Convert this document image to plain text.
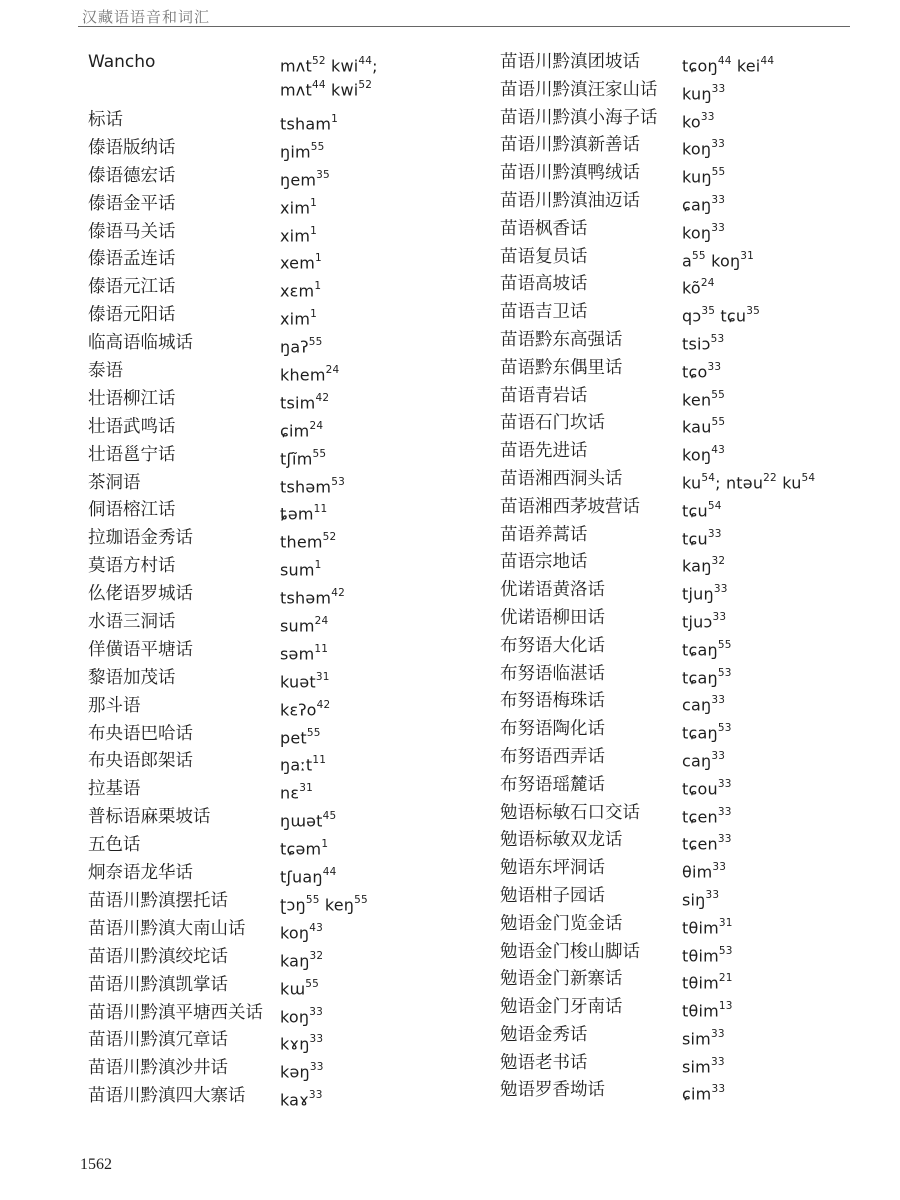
汉藏语语音和词汇
Wancho	mʌt$^{52}$ kwi$^{44}$;
mʌt$^{44}$ kwi$^{52}$
标话	tsham$^1$
傣语版纳话	ŋim$^{55}$
傣语德宏话	ŋem$^{35}$
傣语金平话	xim$^1$
傣语马关话	xim$^1$
傣语孟连话	xem$^1$
傣语元江话	xɛm$^1$
傣语元阳话	xim$^1$
临高语临城话	ŋaʔ$^{55}$
泰语	khem$^{24}$
壮语柳江话	tsim$^{42}$
壮语武鸣话	ɕim$^{24}$
壮语邕宁话	tʃĩm$^{55}$
茶洞语	tshəm$^{53}$
侗语榕江话	ȶəm$^{11}$
拉珈语金秀话	them$^{52}$
莫语方村话	sum$^1$
仫佬语罗城话	tshəm$^{42}$
水语三洞话	sum$^{24}$
佯僙语平塘话	səm$^{11}$
黎语加茂话	kuət$^{31}$
那斗语	kɛʔo$^{42}$
布央语巴哈话	pet$^{55}$
布央语郎架话	ŋaːt$^{11}$
拉基语	nɛ$^{31}$
普标语麻栗坡话	ŋɯət$^{45}$
五色话	tɕəm$^1$
炯奈语龙华话	tʃuaŋ$^{44}$
苗语川黔滇摆托话	ʈɔŋ$^{55}$ keŋ$^{55}$
苗语川黔滇大南山话	koŋ$^{43}$
苗语川黔滇绞坨话	kaŋ$^{32}$
苗语川黔滇凯掌话	kɯ$^{55}$
苗语川黔滇平塘西关话	koŋ$^{33}$
苗语川黔滇冗章话	kɤŋ$^{33}$
苗语川黔滇沙井话	kəŋ$^{33}$
苗语川黔滇四大寨话	kaɤ$^{33}$
苗语川黔滇团坡话	tɕoŋ$^{44}$ kei$^{44}$
苗语川黔滇汪家山话	kuŋ$^{33}$
苗语川黔滇小海子话	$ko^{33}$
苗语川黔滇新善话	koŋ$^{33}$
苗语川黔滇鸭绒话	kuŋ$^{55}$
苗语川黔滇油迈话	ɕaŋ$^{33}$
苗语枫香话	koŋ$^{33}$
苗语复员话	$a^{55}$ koŋ$^{31}$
苗语高坡话	$kõ^{24}$
苗语吉卫话	qɔ$^{35}$ tɕu$^{35}$
苗语黔东高强话	tsiɔ$^{53}$
苗语黔东偶里话	tɕo$^{33}$
苗语青岩话	ken$^{55}$
苗语石门坎话	kau$^{55}$
苗语先进话	koŋ$^{43}$
苗语湘西洞头话	$ku^{54}$; ntəu$^{22}$ $ku^{54}$
苗语湘西茅坡营话	tɕu$^{54}$
苗语养蒿话	tɕu$^{33}$
苗语宗地话	kaŋ$^{32}$
优诺语黄洛话	tjuŋ$^{33}$
优诺语柳田话	tjuɔ$^{33}$
布努语大化话	tɕaŋ$^{55}$
布努语临湛话	tɕaŋ$^{53}$
布努语梅珠话	caŋ$^{33}$
布努语陶化话	tɕaŋ$^{53}$
布努语西弄话	caŋ$^{33}$
布努语瑶麓话	tɕou$^{33}$
勉语标敏石口交话	tɕen$^{33}$
勉语标敏双龙话	tɕen$^{33}$
勉语东坪洞话	θim$^{33}$
勉语柑子园话	siŋ$^{33}$
勉语金门览金话	tθim$^{31}$
勉语金门梭山脚话	tθim$^{53}$
勉语金门新寨话	tθim$^{21}$
勉语金门牙南话	tθim$^{13}$
勉语金秀话	sim$^{33}$
勉语老书话	sim$^{33}$
勉语罗香坳话	ɕim$^{33}$
1562
